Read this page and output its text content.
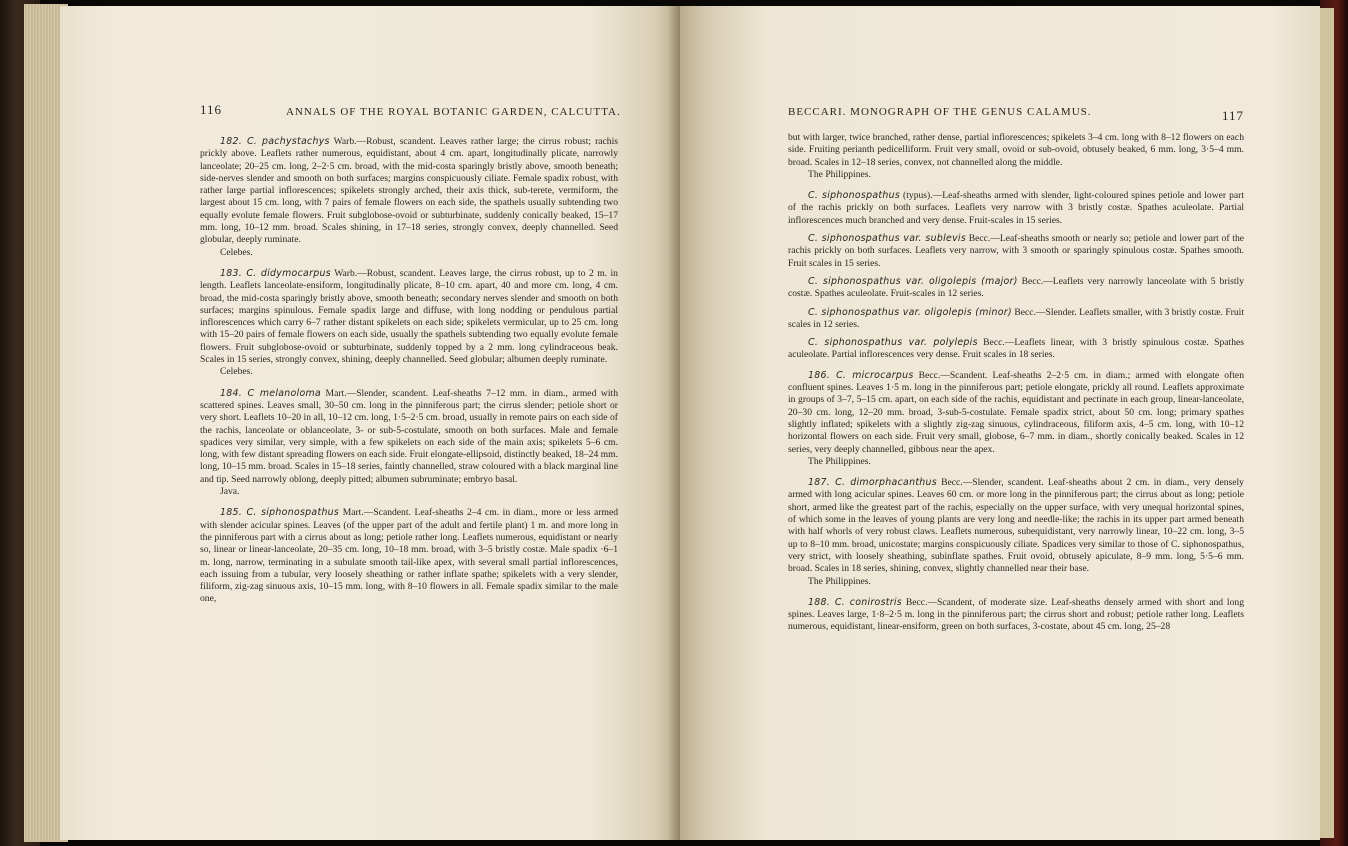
116	ANNALS OF THE ROYAL BOTANIC GARDEN, CALCUTTA.

182. C. pachystachys Warb.—Robust, scandent. Leaves rather large; the cirrus robust; rachis prickly above. Leaflets rather numerous, equidistant, about 4 cm. apart, longitudinally plicate, narrowly lanceolate; 20–25 cm. long, 2–2·5 cm. broad, with the mid-costa sparingly bristly above, smooth beneath; side-nerves slender and smooth on both surfaces; margins conspicuously ciliate. Female spadix robust, with rather large partial inflorescences; spikelets strongly arched, their axis thick, sub-terete, vermiform, the largest about 15 cm. long, with 7 pairs of female flowers on each side, the spathels usually subtending two equally evolute female flowers. Fruit subglobose-ovoid or subturbinate, suddenly conically beaked, 15–17 mm. long, 10–12 mm. broad. Scales shining, in 17–18 series, strongly convex, deeply channelled. Seed globular, deeply ruminate.

Celebes.

183. C. didymocarpus Warb.—Robust, scandent. Leaves large, the cirrus robust, up to 2 m. in length. Leaflets lanceolate-ensiform, longitudinally plicate, 8–10 cm. apart, 40 and more cm. long, 4 cm. broad, the mid-costa sparingly bristly above, smooth beneath; secondary nerves slender and smooth on both surfaces; margins spinulous. Female spadix large and diffuse, with long nodding or pendulous partial inflorescences which carry 6–7 rather distant spikelets on each side; spikelets vermicular, up to 25 cm. long with 15–20 pairs of female flowers on each side, usually the spathels subtending two equally evolute female flowers. Fruit subglobose-ovoid or subturbinate, suddenly topped by a 2 mm. long cylindraceous beak. Scales in 15 series, strongly convex, shining, deeply channelled. Seed globular; albumen deeply ruminate.

Celebes.

184. C melanoloma Mart.—Slender, scandent. Leaf-sheaths 7–12 mm. in diam., armed with scattered spines. Leaves small, 30–50 cm. long in the pinniferous part; the cirrus slender; petiole short or very short. Leaflets 10–20 in all, 10–12 cm. long, 1·5–2·5 cm. broad, usually in remote pairs on each side of the rachis, lanceolate or oblanceolate, 3- or sub-5-costulate, smooth on both surfaces. Male and female spadices very similar, very simple, with a few spikelets on each side of the main axis; spikelets 5–6 cm. long, with few distant spreading flowers on each side. Fruit elongate-ellipsoid, distinctly beaked, 18–24 mm. long, 10–15 mm. broad. Scales in 15–18 series, faintly channelled, straw coloured with a black marginal line and tip. Seed narrowly oblong, deeply pitted; albumen subruminate; embryo basal.

Java.

185. C. siphonospathus Mart.—Scandent. Leaf-sheaths 2–4 cm. in diam., more or less armed with slender acicular spines. Leaves (of the upper part of the adult and fertile plant) 1 m. and more long in the pinniferous part with a cirrus about as long; petiole rather long. Leaflets numerous, equidistant or nearly so, linear or linear-lanceolate, 20–35 cm. long, 10–18 mm. broad, with 3–5 bristly costæ. Male spadix ·6–1 m. long, narrow, terminating in a subulate smooth tail-like apex, with several small partial inflorescences, each issuing from a tubular, very loosely sheathing or rather inflate spathe; spikelets with a very slender, filiform, zig-zag sinuous axis, 10–15 mm. long, with 8–10 flowers in all. Female spadix similar to the male one,

BECCARI. MONOGRAPH OF THE GENUS CALAMUS.	117

but with larger, twice branched, rather dense, partial inflorescences; spikelets 3–4 cm. long with 8–12 flowers on each side. Fruiting perianth pedicelliform. Fruit very small, ovoid or sub-ovoid, obtusely beaked, 6 mm. long, 3·5–4 mm. broad. Scales in 12–18 series, convex, not channelled along the middle.

The Philippines.

C. siphonospathus (typus).—Leaf-sheaths armed with slender, light-coloured spines petiole and lower part of the rachis prickly on both surfaces. Leaflets very narrow with 3 bristly costæ. Spathes aculeolate. Partial inflorescences much branched and very dense. Fruit-scales in 15 series.

C. siphonospathus var. sublevis Becc.—Leaf-sheaths smooth or nearly so; petiole and lower part of the rachis prickly on both surfaces. Leaflets very narrow, with 3 smooth or sparingly spinulous costæ. Spathes smooth. Fruit scales in 15 series.

C. siphonospathus var. oligolepis (major) Becc.—Leaflets very narrowly lanceolate with 5 bristly costæ. Spathes aculeolate. Fruit-scales in 12 series.

C. siphonospathus var. oligolepis (minor) Becc.—Slender. Leaflets smaller, with 3 bristly costæ. Fruit scales in 12 series.

C. siphonospathus var. polylepis Becc.—Leaflets linear, with 3 bristly spinulous costæ. Spathes aculeolate. Partial inflorescences very dense. Fruit scales in 18 series.

186. C. microcarpus Becc.—Scandent. Leaf-sheaths 2–2·5 cm. in diam.; armed with elongate often confluent spines. Leaves 1·5 m. long in the pinniferous part; petiole elongate, prickly all round. Leaflets approximate in groups of 3–7, 5–15 cm. apart, on each side of the rachis, equidistant and pectinate in each group, linear-lanceolate, 20–30 cm. long, 12–20 mm. broad, 3-sub-5-costulate. Female spadix strict, about 50 cm. long; primary spathes slightly inflated; spikelets with a slightly zig-zag sinuous, cylindraceous, filiform axis, 4–5 cm. long, with 10–12 horizontal flowers on each side. Fruit very small, globose, 6–7 mm. in diam., shortly conically beaked. Scales in 12 series, very deeply channelled, gibbous near the apex.

The Philippines.

187. C. dimorphacanthus Becc.—Slender, scandent. Leaf-sheaths about 2 cm. in diam., very densely armed with long acicular spines. Leaves 60 cm. or more long in the pinniferous part; the cirrus about as long; petiole short, armed like the greatest part of the rachis, especially on the upper surface, with very unequal horizontal spines, of which some in the leaves of young plants are very long and needle-like; the rachis in its upper part armed beneath with half whorls of very robust claws. Leaflets numerous, subequidistant, very narrowly linear, 10–22 cm. long, 3–5 up to 8–10 mm. broad, unicostate; margins conspicuously ciliate. Spadices very similar to those of C. siphonospathus, very strict, with loosely sheathing, subinflate spathes. Fruit ovoid, obtusely apiculate, 8–9 mm. long, 5·5–6 mm. broad. Scales in 18 series, shining, convex, slightly channelled near their base.

The Philippines.

188. C. conirostris Becc.—Scandent, of moderate size. Leaf-sheaths densely armed with short and long spines. Leaves large, 1·8–2·5 m. long in the pinniferous part; the cirrus short and robust; petiole rather long. Leaflets numerous, equidistant, linear-ensiform, green on both surfaces, 3-costate, about 45 cm. long, 25–28
